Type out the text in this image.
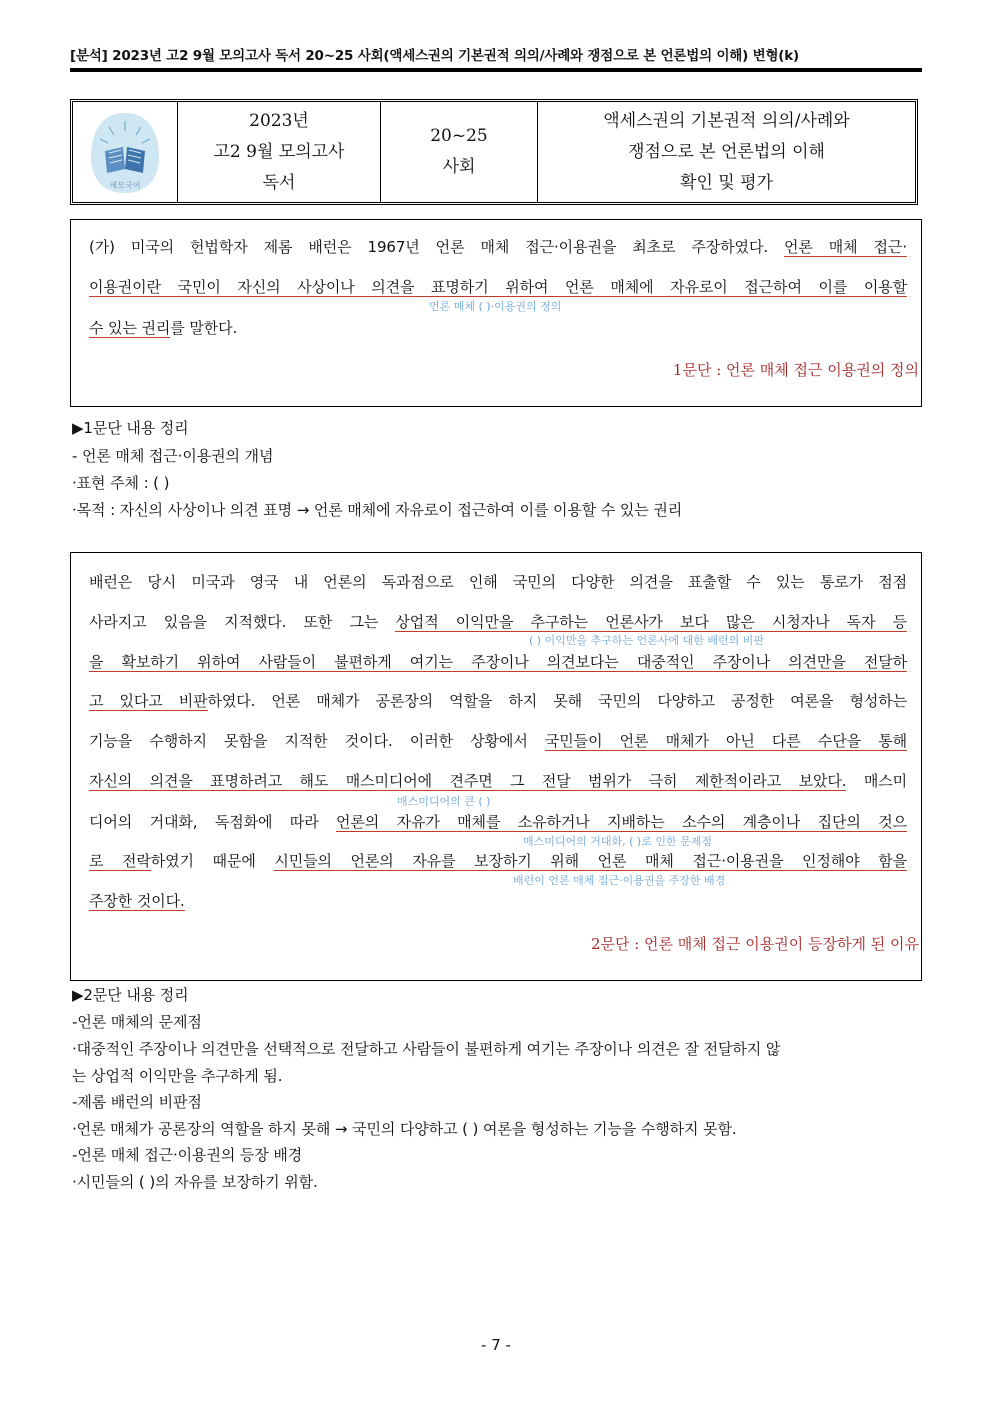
[분석] 2023년 고2 9월 모의고사 독서 20~25 사회(액세스권의 기본권적 의의/사례와 쟁점으로 본 언론법의 이해) 변형(k)
세모국어
2023년
고2 9월 모의고사
독서
20~25
사회
액세스권의 기본권적 의의/사례와
쟁점으로 본 언론법의 이해
확인 및 평가
(가) 미국의 헌법학자 제롬 배런은 1967년 언론 매체 접근·이용권을 최초로 주장하였다. 언론 매체 접근·
이용권이란 국민이 자신의 사상이나 의견을 표명하기 위하여 언론 매체에 자유로이 접근하여 이를 이용할
언론 매체 ( )·이용권의 정의
수 있는 권리를 말한다.
1문단 : 언론 매체 접근 이용권의 정의
▶1문단 내용 정리
- 언론 매체 접근·이용권의 개념
·표현 주체 : ( )
·목적 : 자신의 사상이나 의견 표명 → 언론 매체에 자유로이 접근하여 이를 이용할 수 있는 권리
배런은 당시 미국과 영국 내 언론의 독과점으로 인해 국민의 다양한 의견을 표출할 수 있는 통로가 점점
사라지고 있음을 지적했다. 또한 그는 상업적 이익만을 추구하는 언론사가 보다 많은 시청자나 독자 등
( ) 이익만을 추구하는 언론사에 대한 배런의 비판
을 확보하기 위하여 사람들이 불편하게 여기는 주장이나 의견보다는 대중적인 주장이나 의견만을 전달하
고 있다고 비판하였다. 언론 매체가 공론장의 역할을 하지 못해 국민의 다양하고 공정한 여론을 형성하는
기능을 수행하지 못함을 지적한 것이다. 이러한 상황에서 국민들이 언론 매체가 아닌 다른 수단을 통해
자신의 의견을 표명하려고 해도 매스미디어에 견주면 그 전달 범위가 극히 제한적이라고 보았다. 매스미
매스미디어의 큰 ( )
디어의 거대화, 독점화에 따라 언론의 자유가 매체를 소유하거나 지배하는 소수의 계층이나 집단의 것으
매스미디어의 거대화, ( )로 인한 문제점
로 전락하였기 때문에 시민들의 언론의 자유를 보장하기 위해 언론 매체 접근·이용권을 인정해야 함을
배런이 언론 매체 접근·이용권을 주장한 배경
주장한 것이다.
2문단 : 언론 매체 접근 이용권이 등장하게 된 이유
▶2문단 내용 정리
-언론 매체의 문제점
·대중적인 주장이나 의견만을 선택적으로 전달하고 사람들이 불편하게 여기는 주장이나 의견은 잘 전달하지 않
는 상업적 이익만을 추구하게 됨.
-제롬 배런의 비판점
·언론 매체가 공론장의 역할을 하지 못해 → 국민의 다양하고 ( ) 여론을 형성하는 기능을 수행하지 못함.
-언론 매체 접근·이용권의 등장 배경
·시민들의 ( )의 자유를 보장하기 위함.
- 7 -
